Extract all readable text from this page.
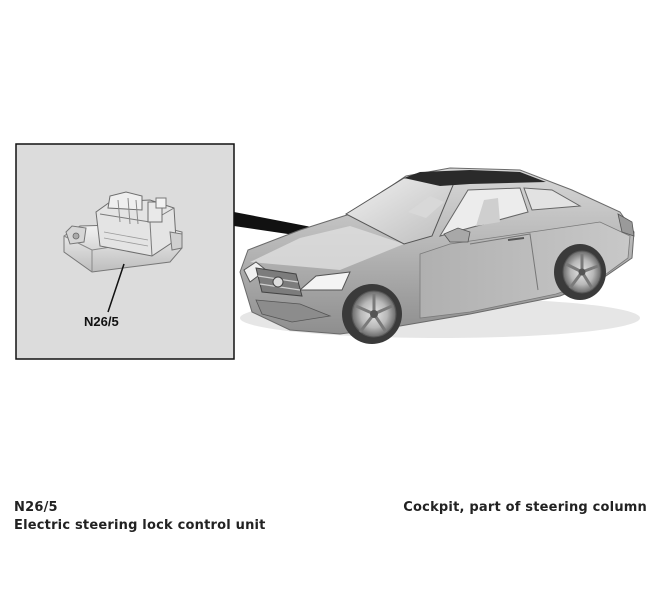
N26/5
N26/5
Electric steering lock control unit
Cockpit, part of steering column
